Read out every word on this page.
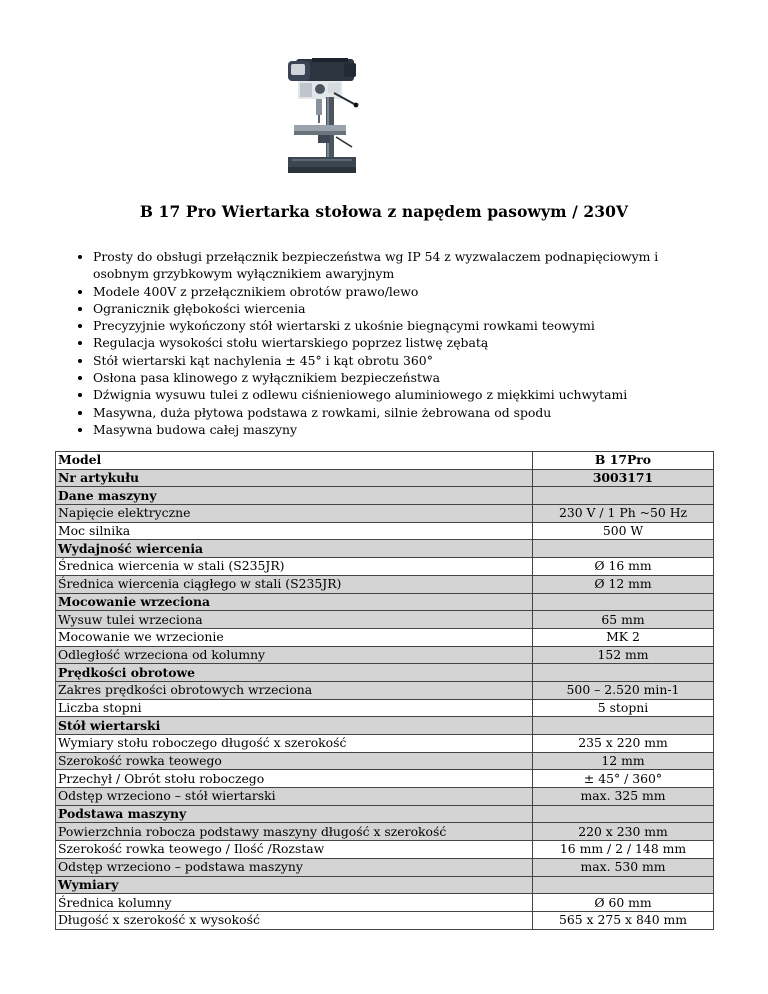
B 17 Pro Wiertarka stołowa z napędem pasowym / 230V
• Prosty do obsługi przełącznik bezpieczeństwa wg IP 54 z wyzwalaczem podnapięciowym i osobnym grzybkowym wyłącznikiem awaryjnym
• Modele 400V z przełącznikiem obrotów prawo/lewo
• Ogranicznik głębokości wiercenia
• Precyzyjnie wykończony stół wiertarski z ukośnie biegnącymi rowkami teowymi
• Regulacja wysokości stołu wiertarskiego poprzez listwę zębatą
• Stół wiertarski kąt nachylenia ± 45° i kąt obrotu 360°
• Osłona pasa klinowego z wyłącznikiem bezpieczeństwa
• Dźwignia wysuwu tulei z odlewu ciśnieniowego aluminiowego z miękkimi uchwytami
• Masywna, duża płytowa podstawa z rowkami, silnie żebrowana od spodu
• Masywna budowa całej maszyny
Model	B 17Pro
Nr artykułu	3003171
Dane maszyny	
Napięcie elektryczne	230 V / 1 Ph ~50 Hz
Moc silnika	500 W
Wydajność wiercenia	
Średnica wiercenia w stali (S235JR)	Ø 16 mm
Średnica wiercenia ciągłego w stali (S235JR)	Ø 12 mm
Mocowanie wrzeciona	
Wysuw tulei wrzeciona	65 mm
Mocowanie we wrzecionie	MK 2
Odległość wrzeciona od kolumny	152 mm
Prędkości obrotowe	
Zakres prędkości obrotowych wrzeciona	500 – 2.520 min-1
Liczba stopni	5 stopni
Stół wiertarski	
Wymiary stołu roboczego długość x szerokość	235 x 220 mm
Szerokość rowka teowego	12 mm
Przechył / Obrót stołu roboczego	± 45° / 360°
Odstęp wrzeciono – stół wiertarski	max. 325 mm
Podstawa maszyny	
Powierzchnia robocza podstawy maszyny długość x szerokość	220 x 230 mm
Szerokość rowka teowego / Ilość /Rozstaw	16 mm / 2 / 148 mm
Odstęp wrzeciono – podstawa maszyny	max. 530 mm
Wymiary	
Średnica kolumny	Ø 60 mm
Długość x szerokość x wysokość	565 x 275 x 840 mm
